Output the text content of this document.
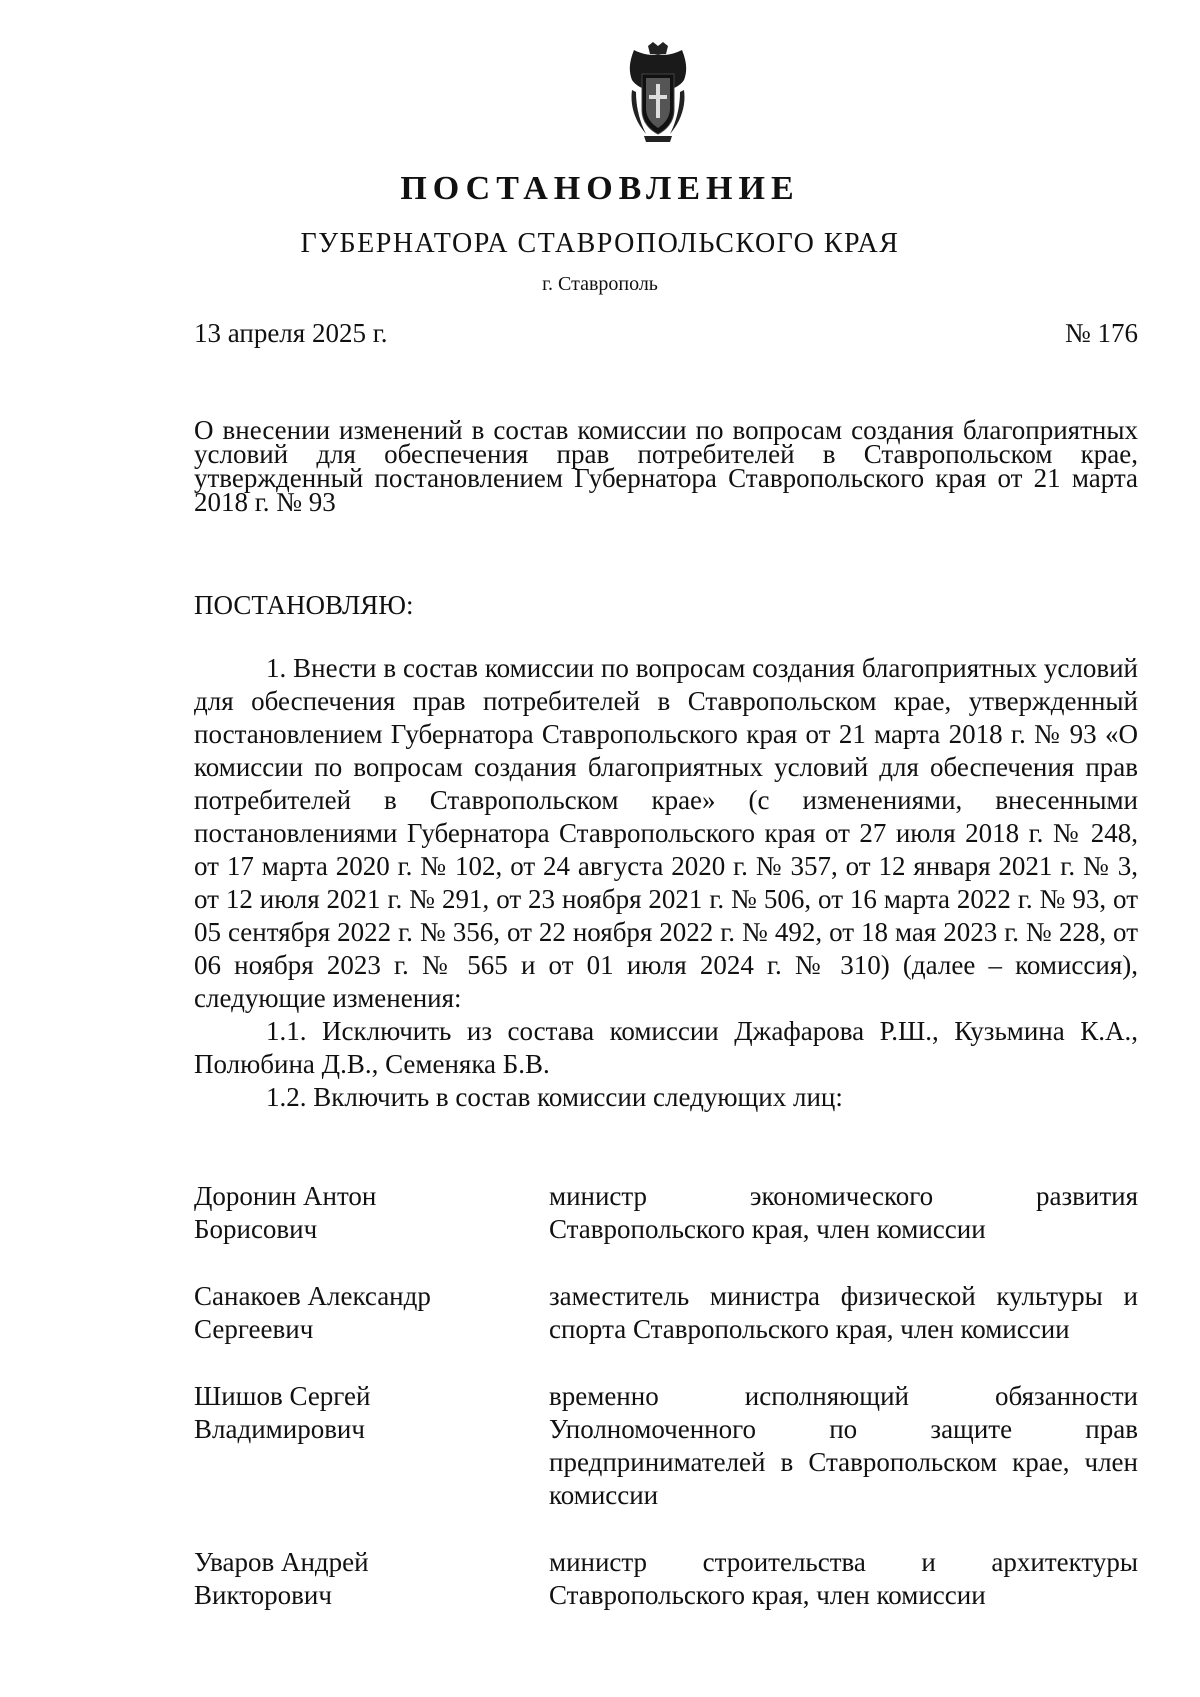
ПОСТАНОВЛЕНИЕ
ГУБЕРНАТОРА СТАВРОПОЛЬСКОГО КРАЯ
г. Ставрополь
13 апреля 2025 г.	№ 176
О внесении изменений в состав комиссии по вопросам создания благоприятных условий для обеспечения прав потребителей в Ставропольском крае, утвержденный постановлением Губернатора Ставропольского края от 21 марта 2018 г. № 93
ПОСТАНОВЛЯЮ:

1. Внести в состав комиссии по вопросам создания благоприятных условий для обеспечения прав потребителей в Ставропольском крае, утвержденный постановлением Губернатора Ставропольского края от 21 марта 2018 г. № 93 «О комиссии по вопросам создания благоприятных условий для обеспечения прав потребителей в Ставропольском крае» (с изменениями, внесенными постановлениями Губернатора Ставропольского края от 27 июля 2018 г. № 248, от 17 марта 2020 г. № 102, от 24 августа 2020 г. № 357, от 12 января 2021 г. № 3, от 12 июля 2021 г. № 291, от 23 ноября 2021 г. № 506, от 16 марта 2022 г. № 93, от 05 сентября 2022 г. № 356, от 22 ноября 2022 г. № 492, от 18 мая 2023 г. № 228, от 06 ноября 2023 г. № 565 и от 01 июля 2024 г. № 310) (далее – комиссия), следующие изменения:

1.1. Исключить из состава комиссии Джафарова Р.Ш., Кузьмина К.А., Полюбина Д.В., Семеняка Б.В.

1.2. Включить в состав комиссии следующих лиц:

Доронин Антон
Борисович
министр экономического развития Ставропольского края, член комиссии
Санакоев Александр
Сергеевич
заместитель министра физической культуры и спорта Ставропольского края, член комиссии
Шишов Сергей
Владимирович
временно исполняющий обязанности Уполномоченного по защите прав предпринимателей в Ставропольском крае, член комиссии
Уваров Андрей
Викторович
министр строительства и архитектуры Ставропольского края, член комиссии
